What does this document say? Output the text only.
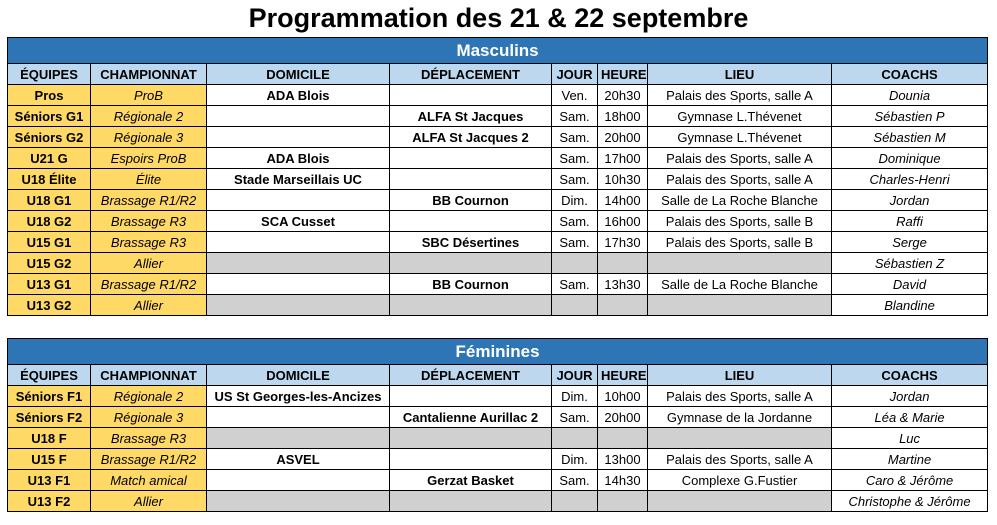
Programmation des 21 & 22 septembre
Masculins							
ÉQUIPES	CHAMPIONNAT	DOMICILE	DÉPLACEMENT	JOUR	HEURE	LIEU	COACHS
Pros	ProB	ADA Blois		Ven.	20h30	Palais des Sports, salle A	Dounia
Séniors G1	Régionale 2		ALFA St Jacques	Sam.	18h00	Gymnase L.Thévenet	Sébastien P
Séniors G2	Régionale 3		ALFA St Jacques 2	Sam.	20h00	Gymnase L.Thévenet	Sébastien M
U21 G	Espoirs ProB	ADA Blois		Sam.	17h00	Palais des Sports, salle A	Dominique
U18 Élite	Élite	Stade Marseillais UC		Sam.	10h30	Palais des Sports, salle A	Charles-Henri
U18 G1	Brassage R1/R2		BB Cournon	Dim.	14h00	Salle de La Roche Blanche	Jordan
U18 G2	Brassage R3	SCA Cusset		Sam.	16h00	Palais des Sports, salle B	Raffi
U15 G1	Brassage R3		SBC Désertines	Sam.	17h30	Palais des Sports, salle B	Serge
U15 G2	Allier						Sébastien Z
U13 G1	Brassage R1/R2		BB Cournon	Sam.	13h30	Salle de La Roche Blanche	David
U13 G2	Allier						Blandine
Féminines							
ÉQUIPES	CHAMPIONNAT	DOMICILE	DÉPLACEMENT	JOUR	HEURE	LIEU	COACHS
Séniors F1	Régionale 2	US St Georges-les-Ancizes		Dim.	10h00	Palais des Sports, salle A	Jordan
Séniors F2	Régionale 3		Cantalienne Aurillac 2	Sam.	20h00	Gymnase de la Jordanne	Léa & Marie
U18 F	Brassage R3						Luc
U15 F	Brassage R1/R2	ASVEL		Dim.	13h00	Palais des Sports, salle A	Martine
U13 F1	Match amical		Gerzat Basket	Sam.	14h30	Complexe G.Fustier	Caro & Jérôme
U13 F2	Allier						Christophe & Jérôme
